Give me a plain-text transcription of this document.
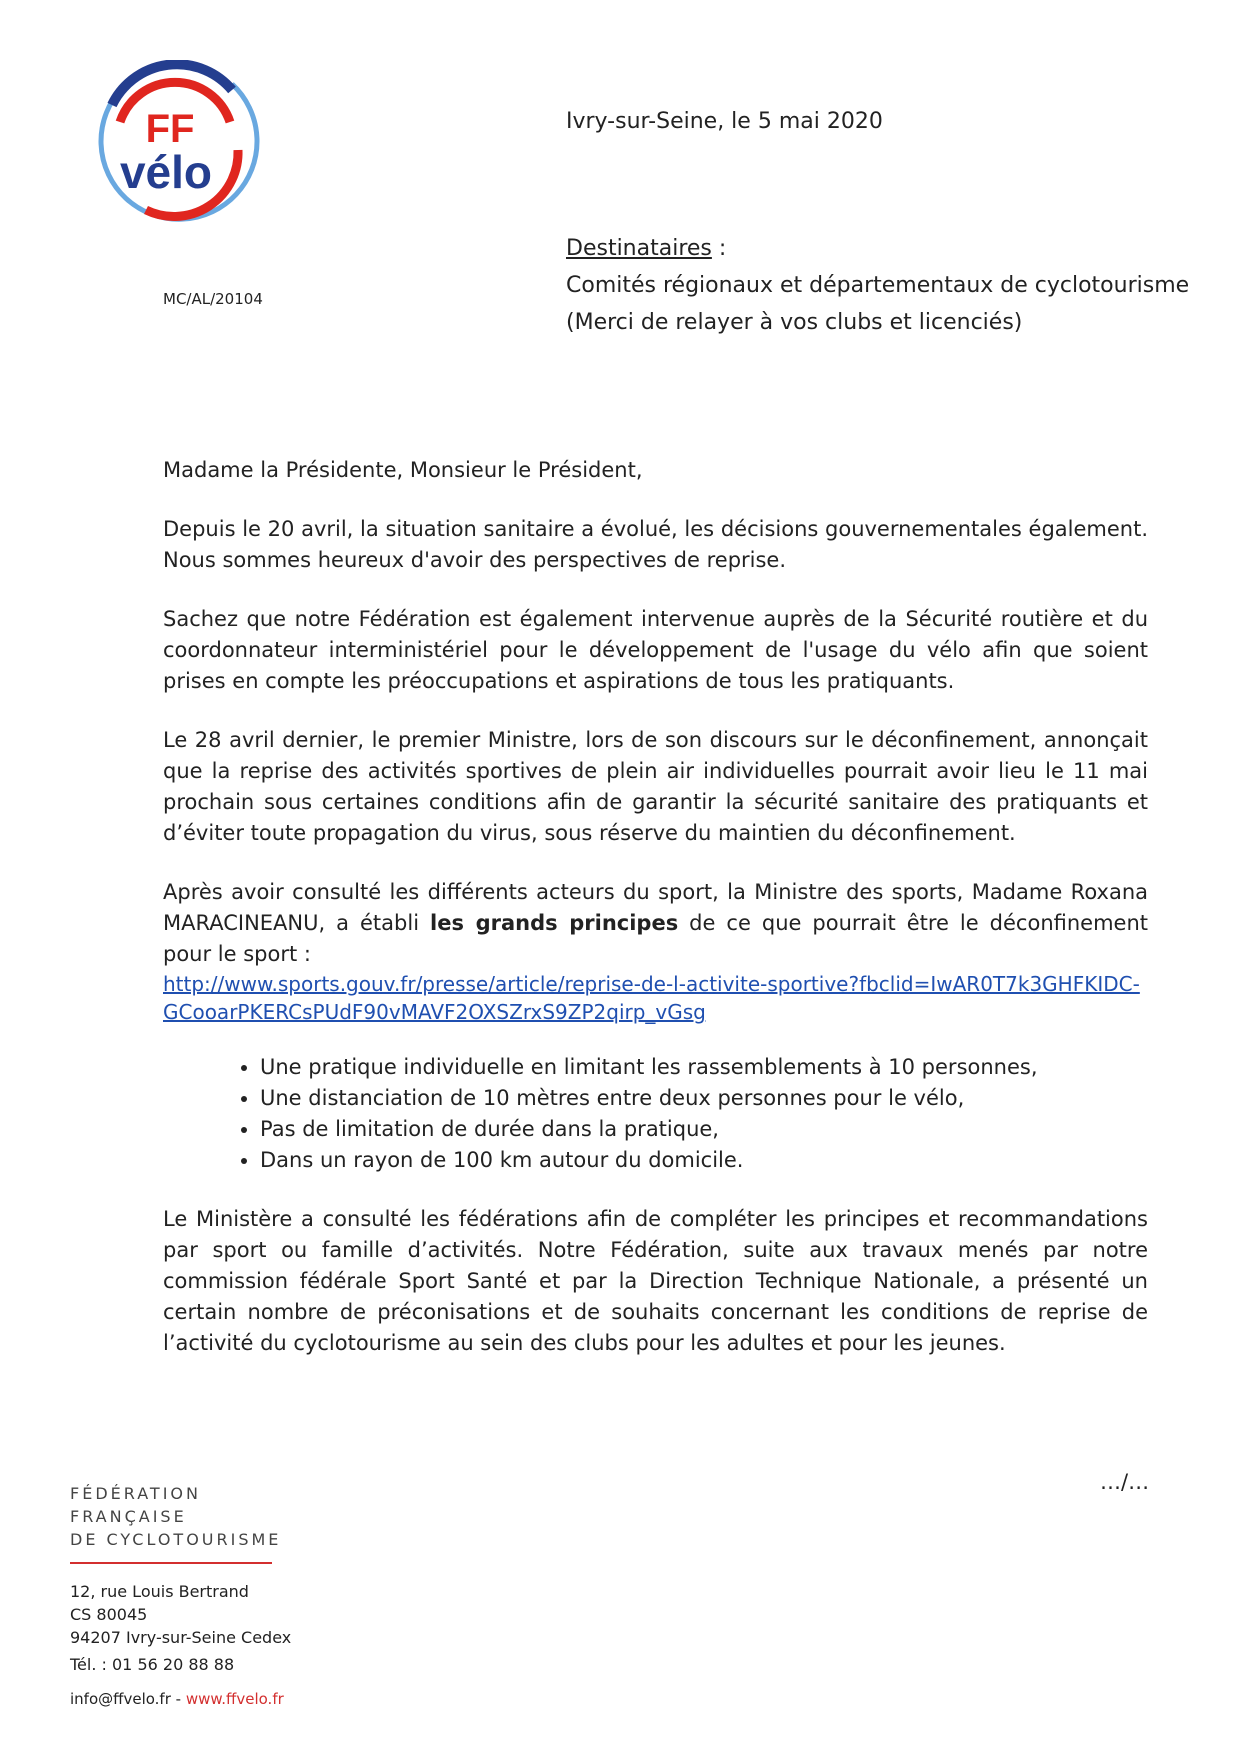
FF
vélo
Ivry-sur-Seine, le 5 mai 2020
MC/AL/20104
Destinataires :
Comités régionaux et départementaux de cyclotourisme
(Merci de relayer à vos clubs et licenciés)

Madame la Présidente, Monsieur le Président,

Depuis le 20 avril, la situation sanitaire a évolué, les décisions gouvernementales également. Nous sommes heureux d'avoir des perspectives de reprise.

Sachez que notre Fédération est également intervenue auprès de la Sécurité routière et du coordonnateur interministériel pour le développement de l'usage du vélo afin que soient prises en compte les préoccupations et aspirations de tous les pratiquants.

Le 28 avril dernier, le premier Ministre, lors de son discours sur le déconfinement, annonçait que la reprise des activités sportives de plein air individuelles pourrait avoir lieu le 11 mai prochain sous certaines conditions afin de garantir la sécurité sanitaire des pratiquants et d’éviter toute propagation du virus, sous réserve du maintien du déconfinement.

Après avoir consulté les différents acteurs du sport, la Ministre des sports, Madame Roxana MARACINEANU, a établi les grands principes de ce que pourrait être le déconfinement pour le sport :

http://www.sports.gouv.fr/presse/article/reprise-de-l-activite-sportive?fbclid=IwAR0T7k3GHFKIDC-
GCooarPKERCsPUdF90vMAVF2OXSZrxS9ZP2qirp_vGsg
• Une pratique individuelle en limitant les rassemblements à 10 personnes,
• Une distanciation de 10 mètres entre deux personnes pour le vélo,
• Pas de limitation de durée dans la pratique,
• Dans un rayon de 100 km autour du domicile.

Le Ministère a consulté les fédérations afin de compléter les principes et recommandations par sport ou famille d’activités. Notre Fédération, suite aux travaux menés par notre commission fédérale Sport Santé et par la Direction Technique Nationale, a présenté un certain nombre de préconisations et de souhaits concernant les conditions de reprise de l’activité du cyclotourisme au sein des clubs pour les adultes et pour les jeunes.

…/…
FÉDÉRATION
FRANÇAISE
DE CYCLOTOURISME
12, rue Louis Bertrand
CS 80045
94207 Ivry-sur-Seine Cedex
Tél. : 01 56 20 88 88
info@ffvelo.fr - www.ffvelo.fr
